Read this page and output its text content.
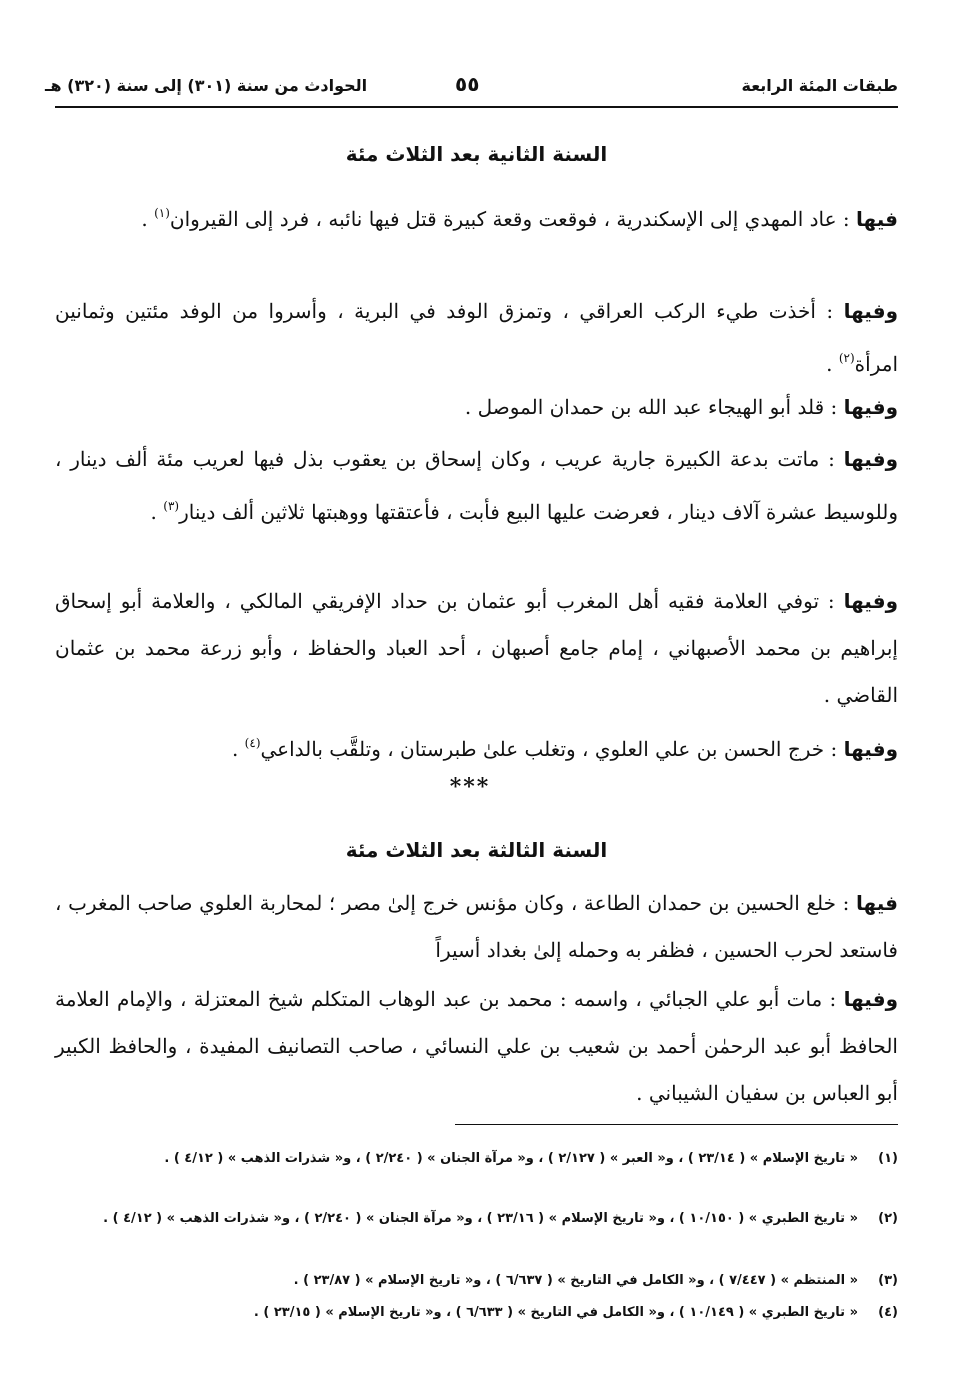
طبقات المئة الرابعة
٥٥
الحوادث من سنة (٣٠١) إلى سنة (٣٢٠) هـ
السنة الثانية بعد الثلاث مئة
فيها : عاد المهدي إلى الإسكندرية ، فوقعت وقعة كبيرة قتل فيها نائبه ، فرد إلى القيروان$^{(١)}$ .
وفيها : أخذت طيء الركب العراقي ، وتمزق الوفد في البرية ، وأسروا من الوفد مئتين وثمانين امرأة$^{(٢)}$ .
وفيها : قلد أبو الهيجاء عبد الله بن حمدان الموصل .
وفيها : ماتت بدعة الكبيرة جارية عريب ، وكان إسحاق بن يعقوب بذل فيها لعريب مئة ألف دينار ، وللوسيط عشرة آلاف دينار ، فعرضت عليها البيع فأبت ، فأعتقتها ووهبتها ثلاثين ألف دينار$^{(٣)}$ .
وفيها : توفي العلامة فقيه أهل المغرب أبو عثمان بن حداد الإفريقي المالكي ، والعلامة أبو إسحاق إبراهيم بن محمد الأصبهاني ، إمام جامع أصبهان ، أحد العباد والحفاظ ، وأبو زرعة محمد بن عثمان القاضي .
وفيها : خرج الحسن بن علي العلوي ، وتغلب علىٰ طبرستان ، وتلقَّب بالداعي$^{(٤)}$ .
***
السنة الثالثة بعد الثلاث مئة
فيها : خلع الحسين بن حمدان الطاعة ، وكان مؤنس خرج إلىٰ مصر ؛ لمحاربة العلوي صاحب المغرب ، فاستعد لحرب الحسين ، فظفر به وحمله إلىٰ بغداد أسيراً
وفيها : مات أبو علي الجبائي ، واسمه : محمد بن عبد الوهاب المتكلم شيخ المعتزلة ، والإمام العلامة الحافظ أبو عبد الرحمٰن أحمد بن شعيب بن علي النسائي ، صاحب التصانيف المفيدة ، والحافظ الكبير أبو العباس بن سفيان الشيباني .
(١)« تاريخ الإسلام » ( ٢٣/١٤ ) ، و« العبر » ( ٢/١٢٧ ) ، و« مرآة الجنان » ( ٢/٢٤٠ ) ، و« شذرات الذهب » ( ٤/١٢ ) .
(٢)« تاريخ الطبري » ( ١٠/١٥٠ ) ، و« تاريخ الإسلام » ( ٢٣/١٦ ) ، و« مرآة الجنان » ( ٢/٢٤٠ ) ، و« شذرات الذهب » ( ٤/١٢ ) .
(٣)« المنتظم » ( ٧/٤٤٧ ) ، و« الكامل في التاريخ » ( ٦/٦٣٧ ) ، و« تاريخ الإسلام » ( ٢٣/٨٧ ) .
(٤)« تاريخ الطبري » ( ١٠/١٤٩ ) ، و« الكامل في التاريخ » ( ٦/٦٣٣ ) ، و« تاريخ الإسلام » ( ٢٣/١٥ ) .
